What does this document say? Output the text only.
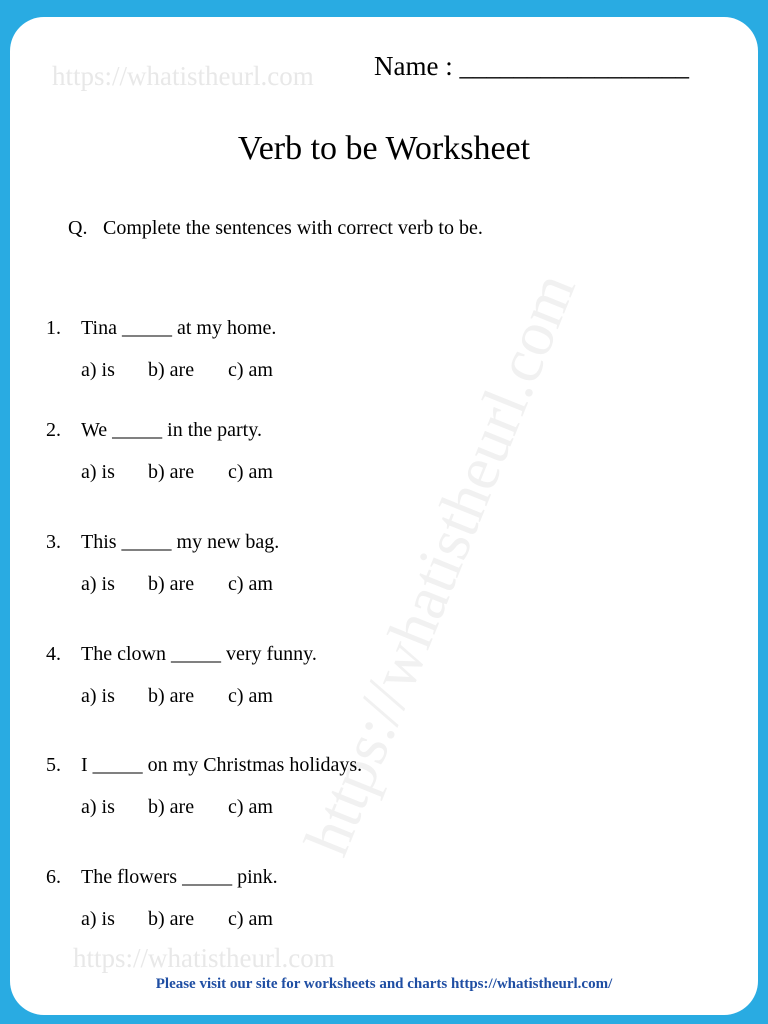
https://whatistheurl.com
https://whatistheurl.com
https://whatistheurl.com
Name : _________________
Verb to be Worksheet
Q. Complete the sentences with correct verb to be.
1. Tina _____ at my home.
a) is b) are c) am
2. We _____ in the party.
a) is b) are c) am
3. This _____ my new bag.
a) is b) are c) am
4. The clown _____ very funny.
a) is b) are c) am
5. I _____ on my Christmas holidays.
a) is b) are c) am
6. The flowers _____ pink.
a) is b) are c) am
Please visit our site for worksheets and charts https://whatistheurl.com/
